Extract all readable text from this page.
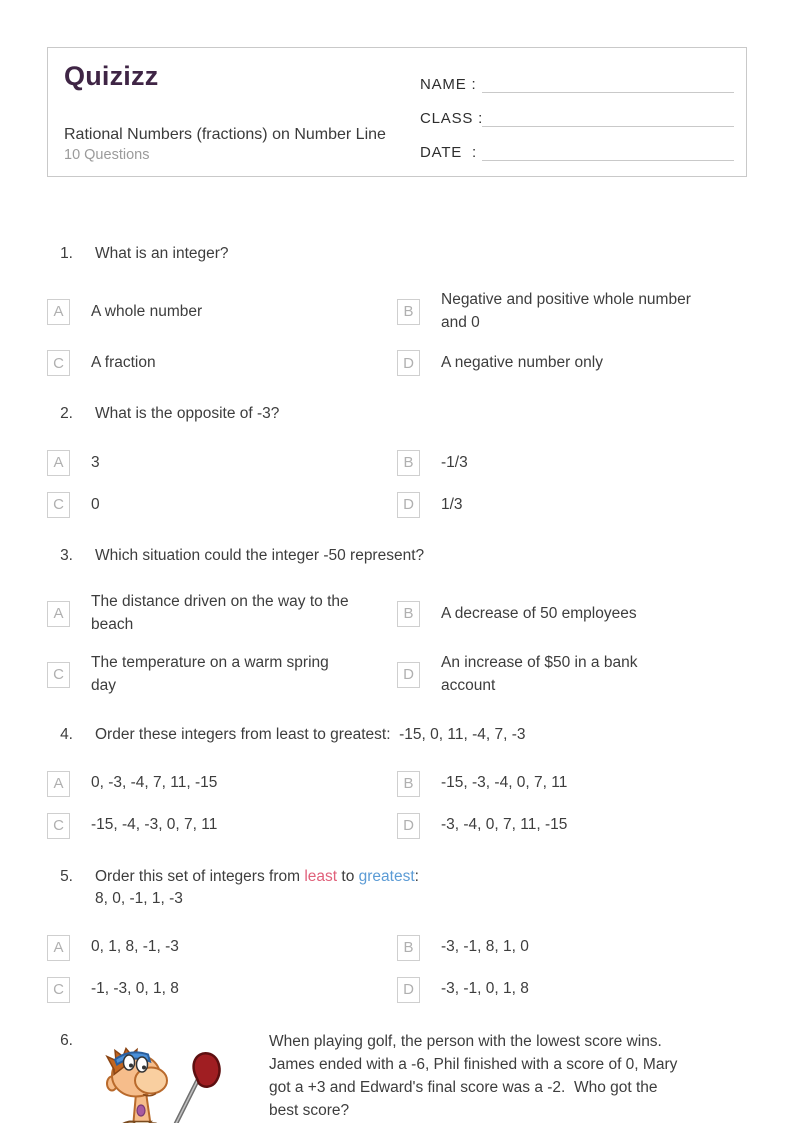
Quizizz
Rational Numbers (fractions) on Number Line
10 Questions
NAME :
CLASS :
DATE  :
1. What is an integer?
A A whole number	B
Negative and positive whole number and 0
C A fraction	D A negative number only
2. What is the opposite of -3?
A 3	B -1/3
C 0	D 1/3
3. Which situation could the integer -50 represent?
A
The distance driven on the way to the beach
B A decrease of 50 employees
C
The temperature on a warm spring day
D
An increase of $50 in a bank account
4. Order these integers from least to greatest:  -15, 0, 11, -4, 7, -3
A 0, -3, -4, 7, 11, -15	B -15, -3, -4, 0, 7, 11
C -15, -4, -3, 0, 7, 11	D -3, -4, 0, 7, 11, -15
5. Order this set of integers from least to greatest:
8, 0, -1, 1, -3
A 0, 1, 8, -1, -3	B -3, -1, 8, 1, 0
C -1, -3, 0, 1, 8	D -3, -1, 0, 1, 8
6.	When playing golf, the person with the lowest score wins.  James ended with a -6, Phil finished with a score of 0, Mary got a +3 and Edward's final score was a -2.  Who got the best score?
